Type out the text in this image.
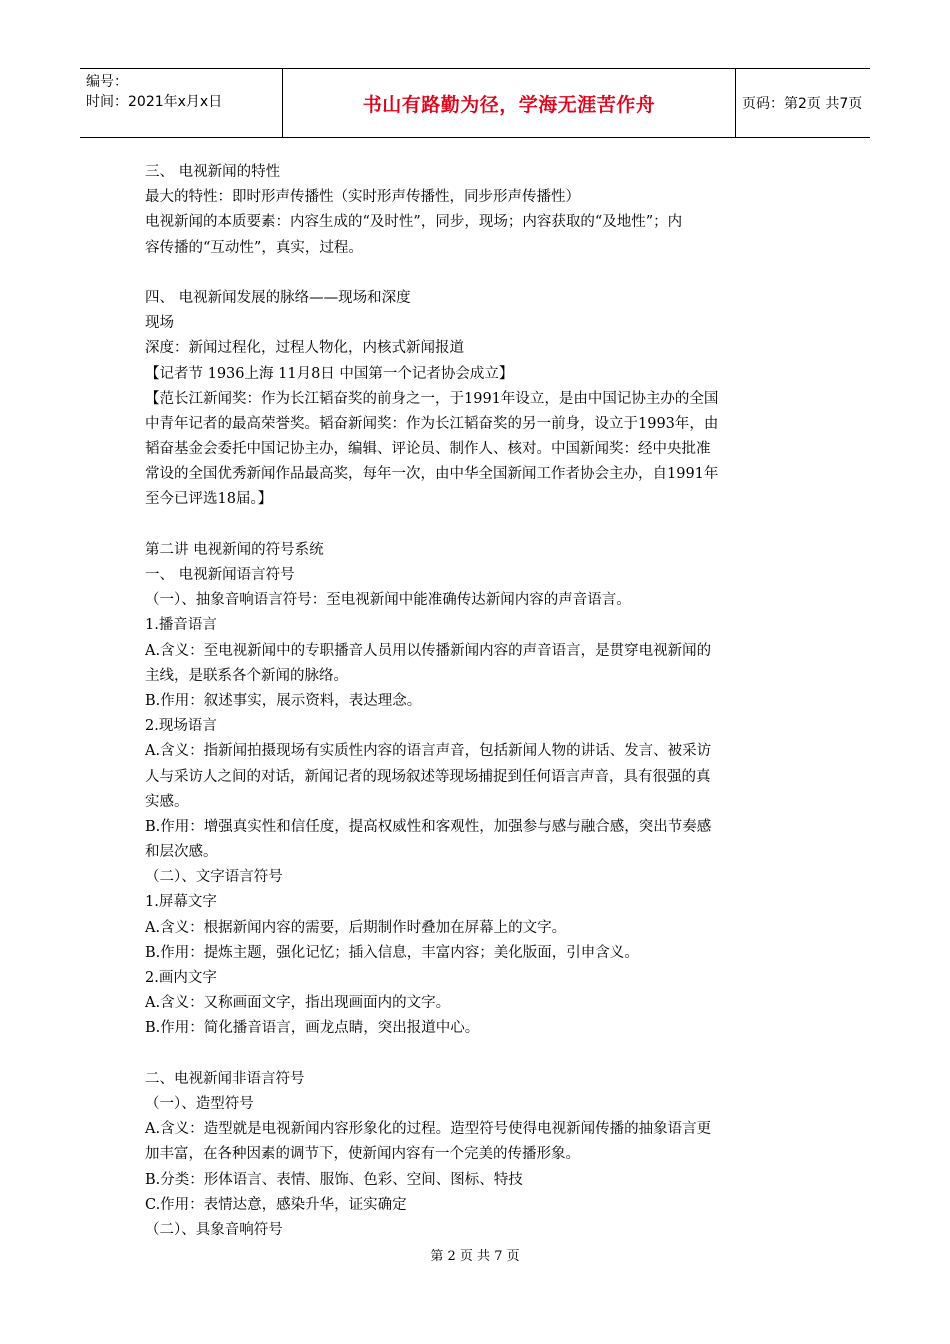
编号：
时间：2021年x月x日	书山有路勤为径，学海无涯苦作舟	页码：第2页 共7页
三、 电视新闻的特性
最大的特性：即时形声传播性（实时形声传播性，同步形声传播性）
电视新闻的本质要素：内容生成的“及时性”，同步，现场；内容获取的“及地性”；内
容传播的“互动性”，真实，过程。
四、 电视新闻发展的脉络——现场和深度
现场
深度：新闻过程化，过程人物化，内核式新闻报道
【记者节 1936上海 11月8日 中国第一个记者协会成立】
【范长江新闻奖：作为长江韬奋奖的前身之一，于1991年设立，是由中国记协主办的全国
中青年记者的最高荣誉奖。韬奋新闻奖：作为长江韬奋奖的另一前身，设立于1993年，由
韬奋基金会委托中国记协主办，编辑、评论员、制作人、核对。中国新闻奖：经中央批准
常设的全国优秀新闻作品最高奖，每年一次，由中华全国新闻工作者协会主办，自1991年
至今已评选18届。】
第二讲 电视新闻的符号系统
一、 电视新闻语言符号
（一）、抽象音响语言符号：至电视新闻中能准确传达新闻内容的声音语言。
1.播音语言
A.含义：至电视新闻中的专职播音人员用以传播新闻内容的声音语言，是贯穿电视新闻的
主线，是联系各个新闻的脉络。
B.作用：叙述事实，展示资料，表达理念。
2.现场语言
A.含义：指新闻拍摄现场有实质性内容的语言声音，包括新闻人物的讲话、发言、被采访
人与采访人之间的对话，新闻记者的现场叙述等现场捕捉到任何语言声音，具有很强的真
实感。
B.作用：增强真实性和信任度，提高权威性和客观性，加强参与感与融合感，突出节奏感
和层次感。
（二）、文字语言符号
1.屏幕文字
A.含义：根据新闻内容的需要，后期制作时叠加在屏幕上的文字。
B.作用：提炼主题，强化记忆；插入信息，丰富内容；美化版面，引申含义。
2.画内文字
A.含义：又称画面文字，指出现画面内的文字。
B.作用：简化播音语言，画龙点睛，突出报道中心。
二、电视新闻非语言符号
（一）、造型符号
A.含义：造型就是电视新闻内容形象化的过程。造型符号使得电视新闻传播的抽象语言更
加丰富，在各种因素的调节下，使新闻内容有一个完美的传播形象。
B.分类：形体语言、表情、服饰、色彩、空间、图标、特技
C.作用：表情达意，感染升华，证实确定
（二）、具象音响符号
第 2 页 共 7 页
